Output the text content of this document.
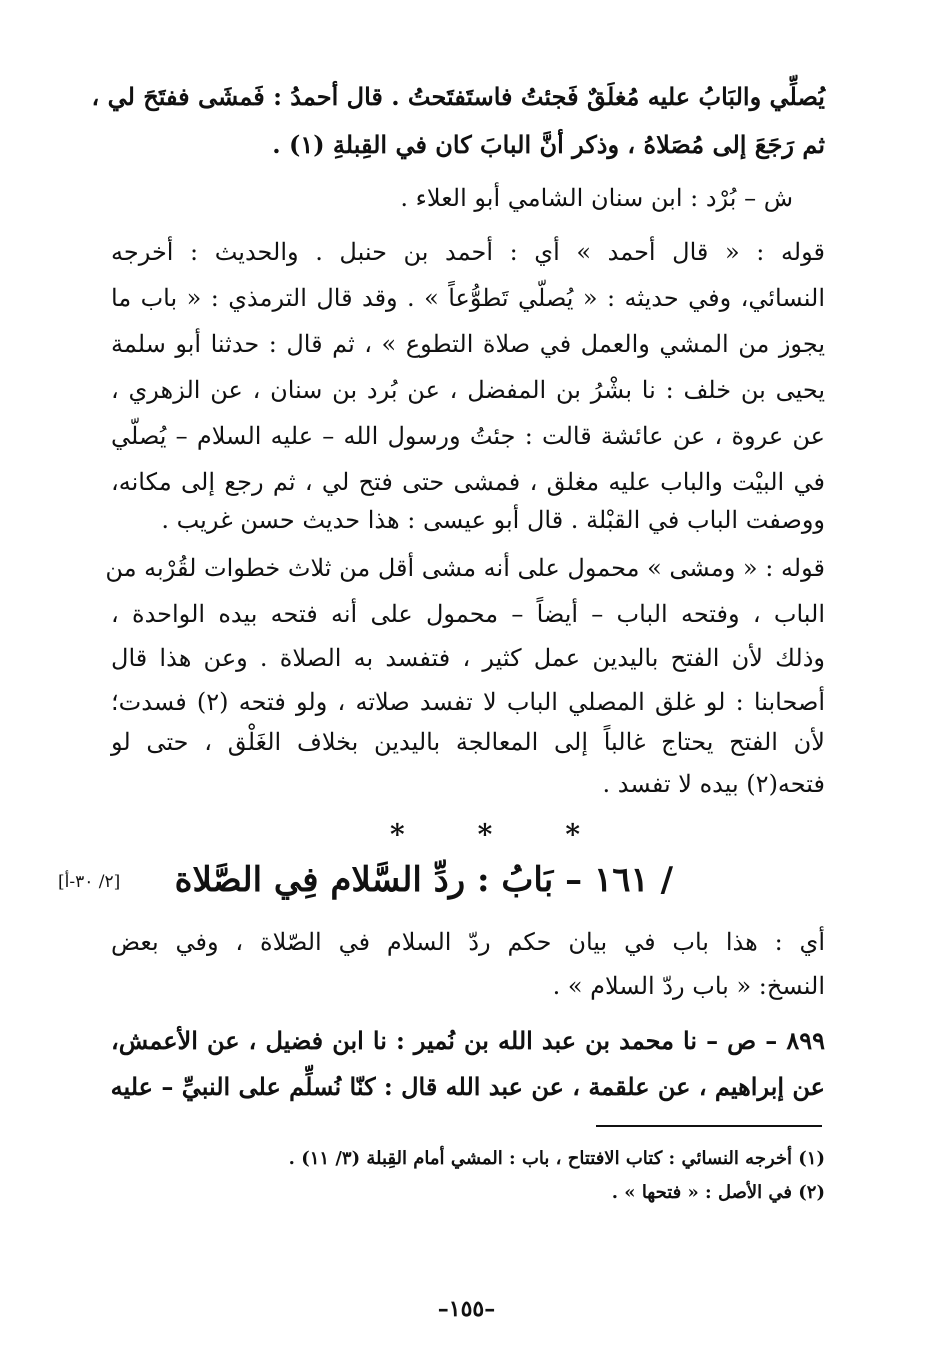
يُصلِّي والبَابُ عليه مُغلَقٌ فَجئتُ فاستَفتَحتُ . قال أحمدُ : فَمشَى ففتَحَ لي ،
ثم رَجَعَ إلى مُصَلاهُ ، وذكر أنَّ البابَ كان في القِبلةِ (١) .
ش – بُرْد : ابن سنان الشامي أبو العلاء .
قوله : « قال أحمد » أي : أحمد بن حنبل . والحديث : أخرجه
النسائي، وفي حديثه : « يُصلّي تَطوُّعاً » . وقد قال الترمذي : « باب ما
يجوز من المشي والعمل في صلاة التطوع » ، ثم قال : حدثنا أبو سلمة
يحيى بن خلف : نا بشْرُ بن المفضل ، عن بُرد بن سنان ، عن الزهري ،
عن عروة ، عن عائشة قالت : جئتُ ورسول الله – عليه السلام – يُصلّي
في البيْت والباب عليه مغلق ، فمشى حتى فتح لي ، ثم رجع إلى مكانه،
ووصفت الباب في القبْلة . قال أبو عيسى : هذا حديث حسن غريب .
قوله : « ومشى » محمول على أنه مشى أقل من ثلاث خطوات لقُرْبه من
الباب ، وفتحه الباب – أيضاً – محمول على أنه فتحه بيده الواحدة ،
وذلك لأن الفتح باليدين عمل كثير ، فتفسد به الصلاة . وعن هذا قال
أصحابنا : لو غلق المصلي الباب لا تفسد صلاته ، ولو فتحه (٢) فسدت؛
لأن الفتح يحتاج غالباً إلى المعالجة باليدين بخلاف الغَلْق ، حتى لو
فتحه(٢) بيده لا تفسد .
*	*	*
/ ١٦١ – بَابُ : ردِّ السَّلام فِي الصَّلاة
[٢/ ٣٠-أ]
أي : هذا باب في بيان حكم ردّ السلام في الصّلاة ، وفي بعض
النسخ: « باب ردّ السلام » .
٨٩٩ – ص – نا محمد بن عبد الله بن نُمير : نا ابن فضيل ، عن الأعمش،
عن إبراهيم ، عن علقمة ، عن عبد الله قال : كنّا نُسلِّم على النبيِّ – عليه
(١) أخرجه النسائي : كتاب الافتتاح ، باب : المشي أمام القِبلة (٣/ ١١) .
(٢) في الأصل : « فتحها » .
–١٥٥–
